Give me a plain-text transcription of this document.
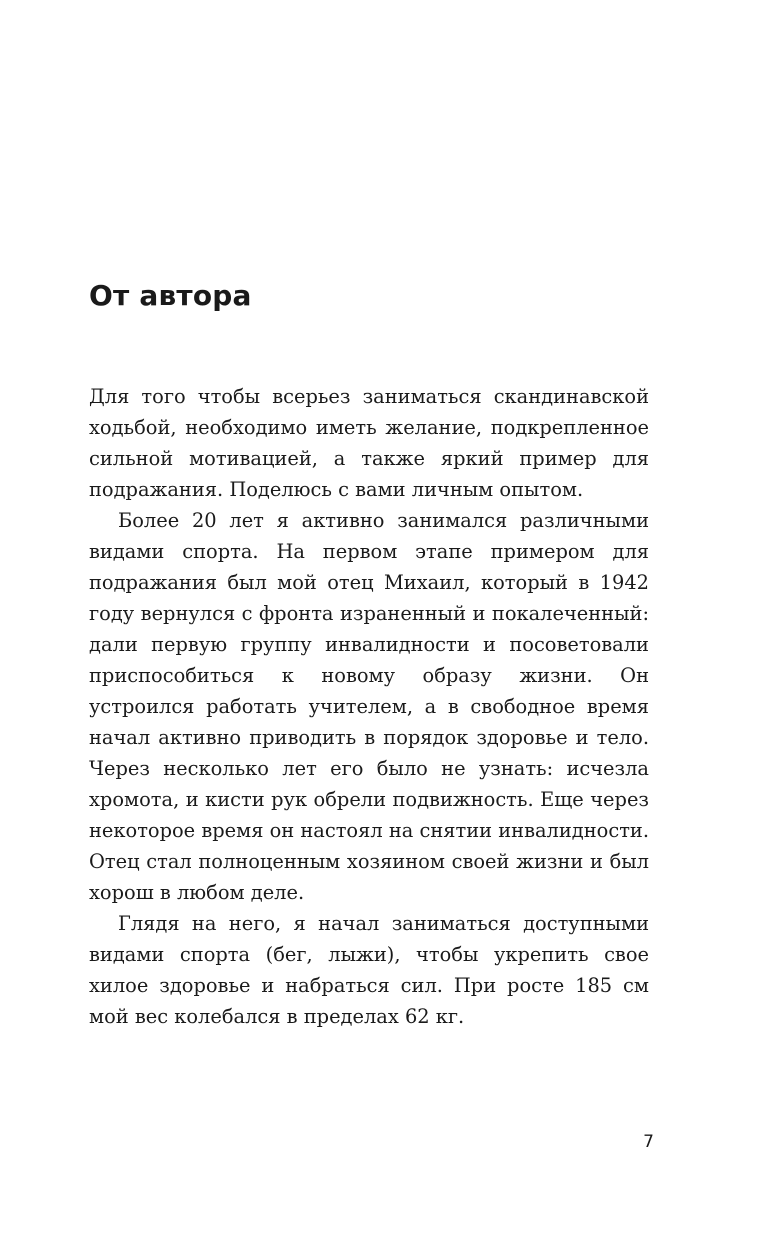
От автора

Для того чтобы всерьез заниматься скандинавской ходьбой, необходимо иметь желание, подкрепленное сильной мотивацией, а также яркий пример для подражания. Поделюсь с вами личным опытом.

Более 20 лет я активно занимался различными видами спорта. На первом этапе примером для подражания был мой отец Михаил, который в 1942 году вернулся с фронта израненный и покалеченный: дали первую группу инвалидности и посоветовали приспособиться к новому образу жизни. Он устроился работать учителем, а в свободное время начал активно приводить в порядок здоровье и тело. Через несколько лет его было не узнать: исчезла хромота, и кисти рук обрели подвижность. Еще через некоторое время он настоял на снятии инвалидности. Отец стал полноценным хозяином своей жизни и был хорош в любом деле.

Глядя на него, я начал заниматься доступными видами спорта (бег, лыжи), чтобы укрепить свое хилое здоровье и набраться сил. При росте 185 см мой вес колебался в пределах 62 кг.

7
